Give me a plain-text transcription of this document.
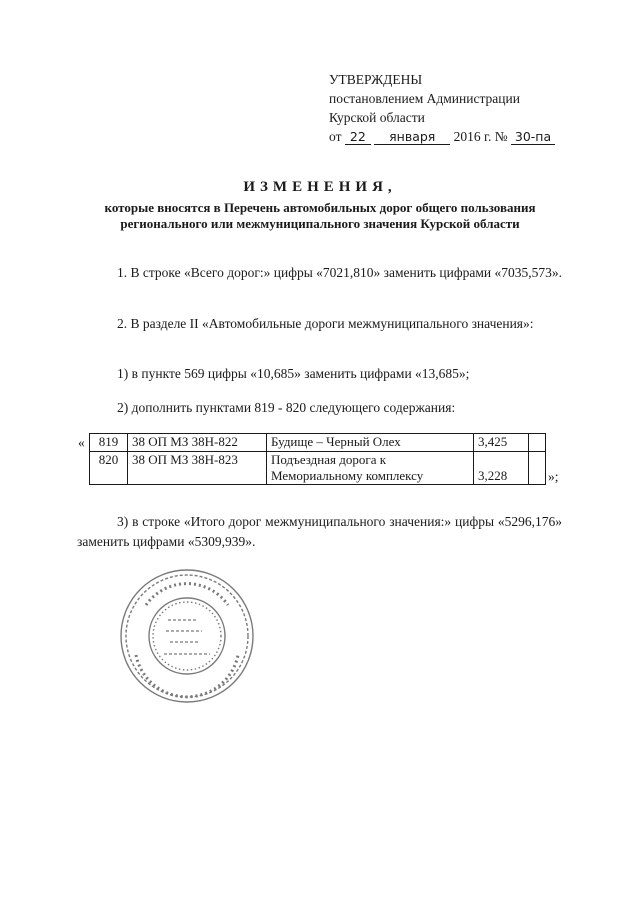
УТВЕРЖДЕНЫ
постановлением Администрации
Курской области
от 22 января 2016 г. № 30-па
ИЗМЕНЕНИЯ,
которые вносятся в Перечень автомобильных дорог общего пользования регионального или межмуниципального значения Курской области
1. В строке «Всего дорог:» цифры «7021,810» заменить цифрами «7035,573».
2. В разделе II «Автомобильные дороги межмуниципального значения»:
1) в пункте 569 цифры «10,685» заменить цифрами «13,685»;
2) дополнить пунктами 819 - 820 следующего содержания:
« 819	38 ОП МЗ 38Н-822	Будище – Черный Олех	3,425	
820	38 ОП МЗ 38Н-823	Подъездная дорога к Мемориальному комплексу	3,228		»;
3) в строке «Итого дорог межмуниципального значения:» цифры «5296,176» заменить цифрами «5309,939».
